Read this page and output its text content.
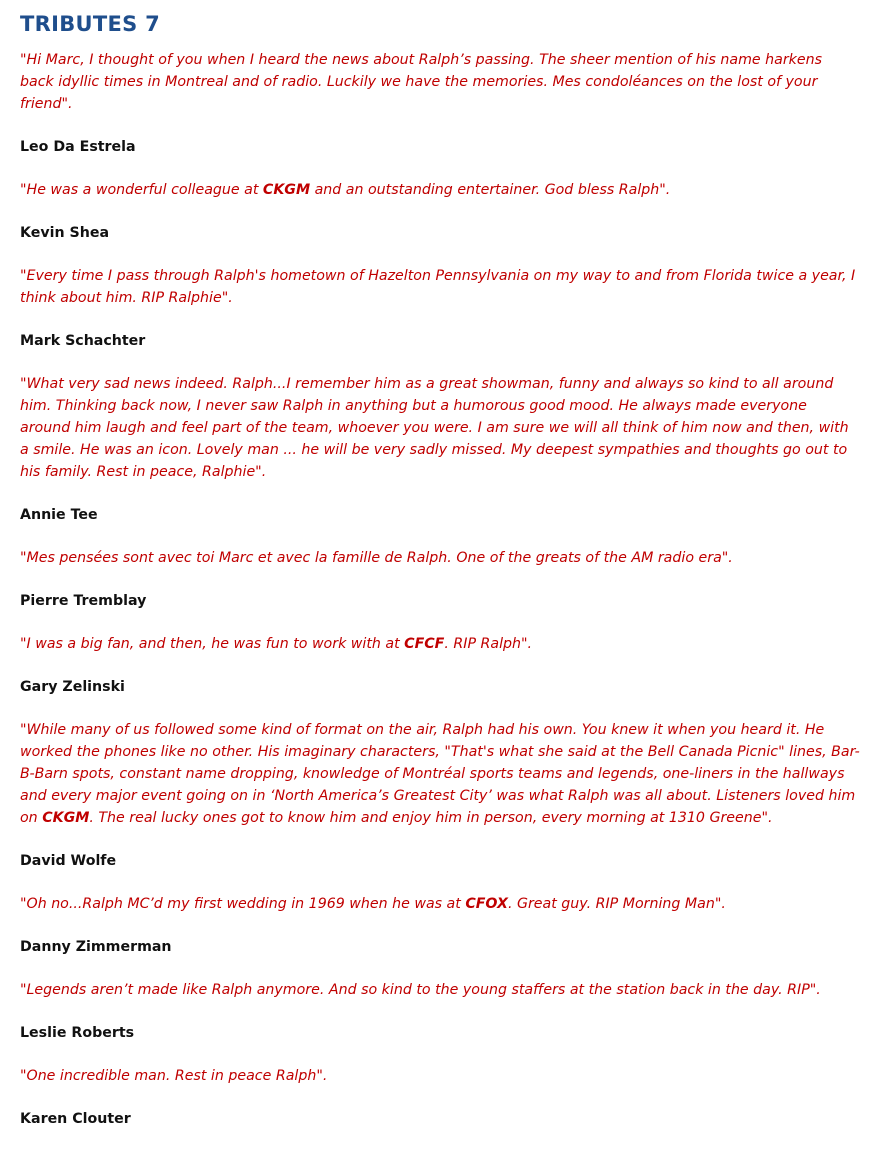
TRIBUTES 7

"Hi Marc, I thought of you when I heard the news about Ralph’s passing. The sheer mention of his name harkens back idyllic times in Montreal and of radio. Luckily we have the memories. Mes condoléances on the lost of your friend".

Leo Da Estrela

"He was a wonderful colleague at CKGM and an outstanding entertainer. God bless Ralph".

Kevin Shea

"Every time I pass through Ralph's hometown of Hazelton Pennsylvania on my way to and from Florida twice a year, I think about him. RIP Ralphie".

Mark Schachter

"What very sad news indeed. Ralph...I remember him as a great showman, funny and always so kind to all around him. Thinking back now, I never saw Ralph in anything but a humorous good mood. He always made everyone around him laugh and feel part of the team, whoever you were. I am sure we will all think of him now and then, with a smile. He was an icon. Lovely man ... he will be very sadly missed. My deepest sympathies and thoughts go out to his family. Rest in peace, Ralphie".

Annie Tee

"Mes pensées sont avec toi Marc et avec la famille de Ralph. One of the greats of the AM radio era".

Pierre Tremblay

"I was a big fan, and then, he was fun to work with at CFCF. RIP Ralph".

Gary Zelinski

"While many of us followed some kind of format on the air, Ralph had his own. You knew it when you heard it. He worked the phones like no other. His imaginary characters, "That's what she said at the Bell Canada Picnic" lines, Bar-B-Barn spots, constant name dropping, knowledge of Montréal sports teams and legends, one-liners in the hallways and every major event going on in ‘North America’s Greatest City’ was what Ralph was all about. Listeners loved him on CKGM. The real lucky ones got to know him and enjoy him in person, every morning at 1310 Greene".

David Wolfe

"Oh no...Ralph MC’d my first wedding in 1969 when he was at CFOX. Great guy. RIP Morning Man".

Danny Zimmerman

"Legends aren’t made like Ralph anymore. And so kind to the young staffers at the station back in the day. RIP".

Leslie Roberts

"One incredible man. Rest in peace Ralph".

Karen Clouter
